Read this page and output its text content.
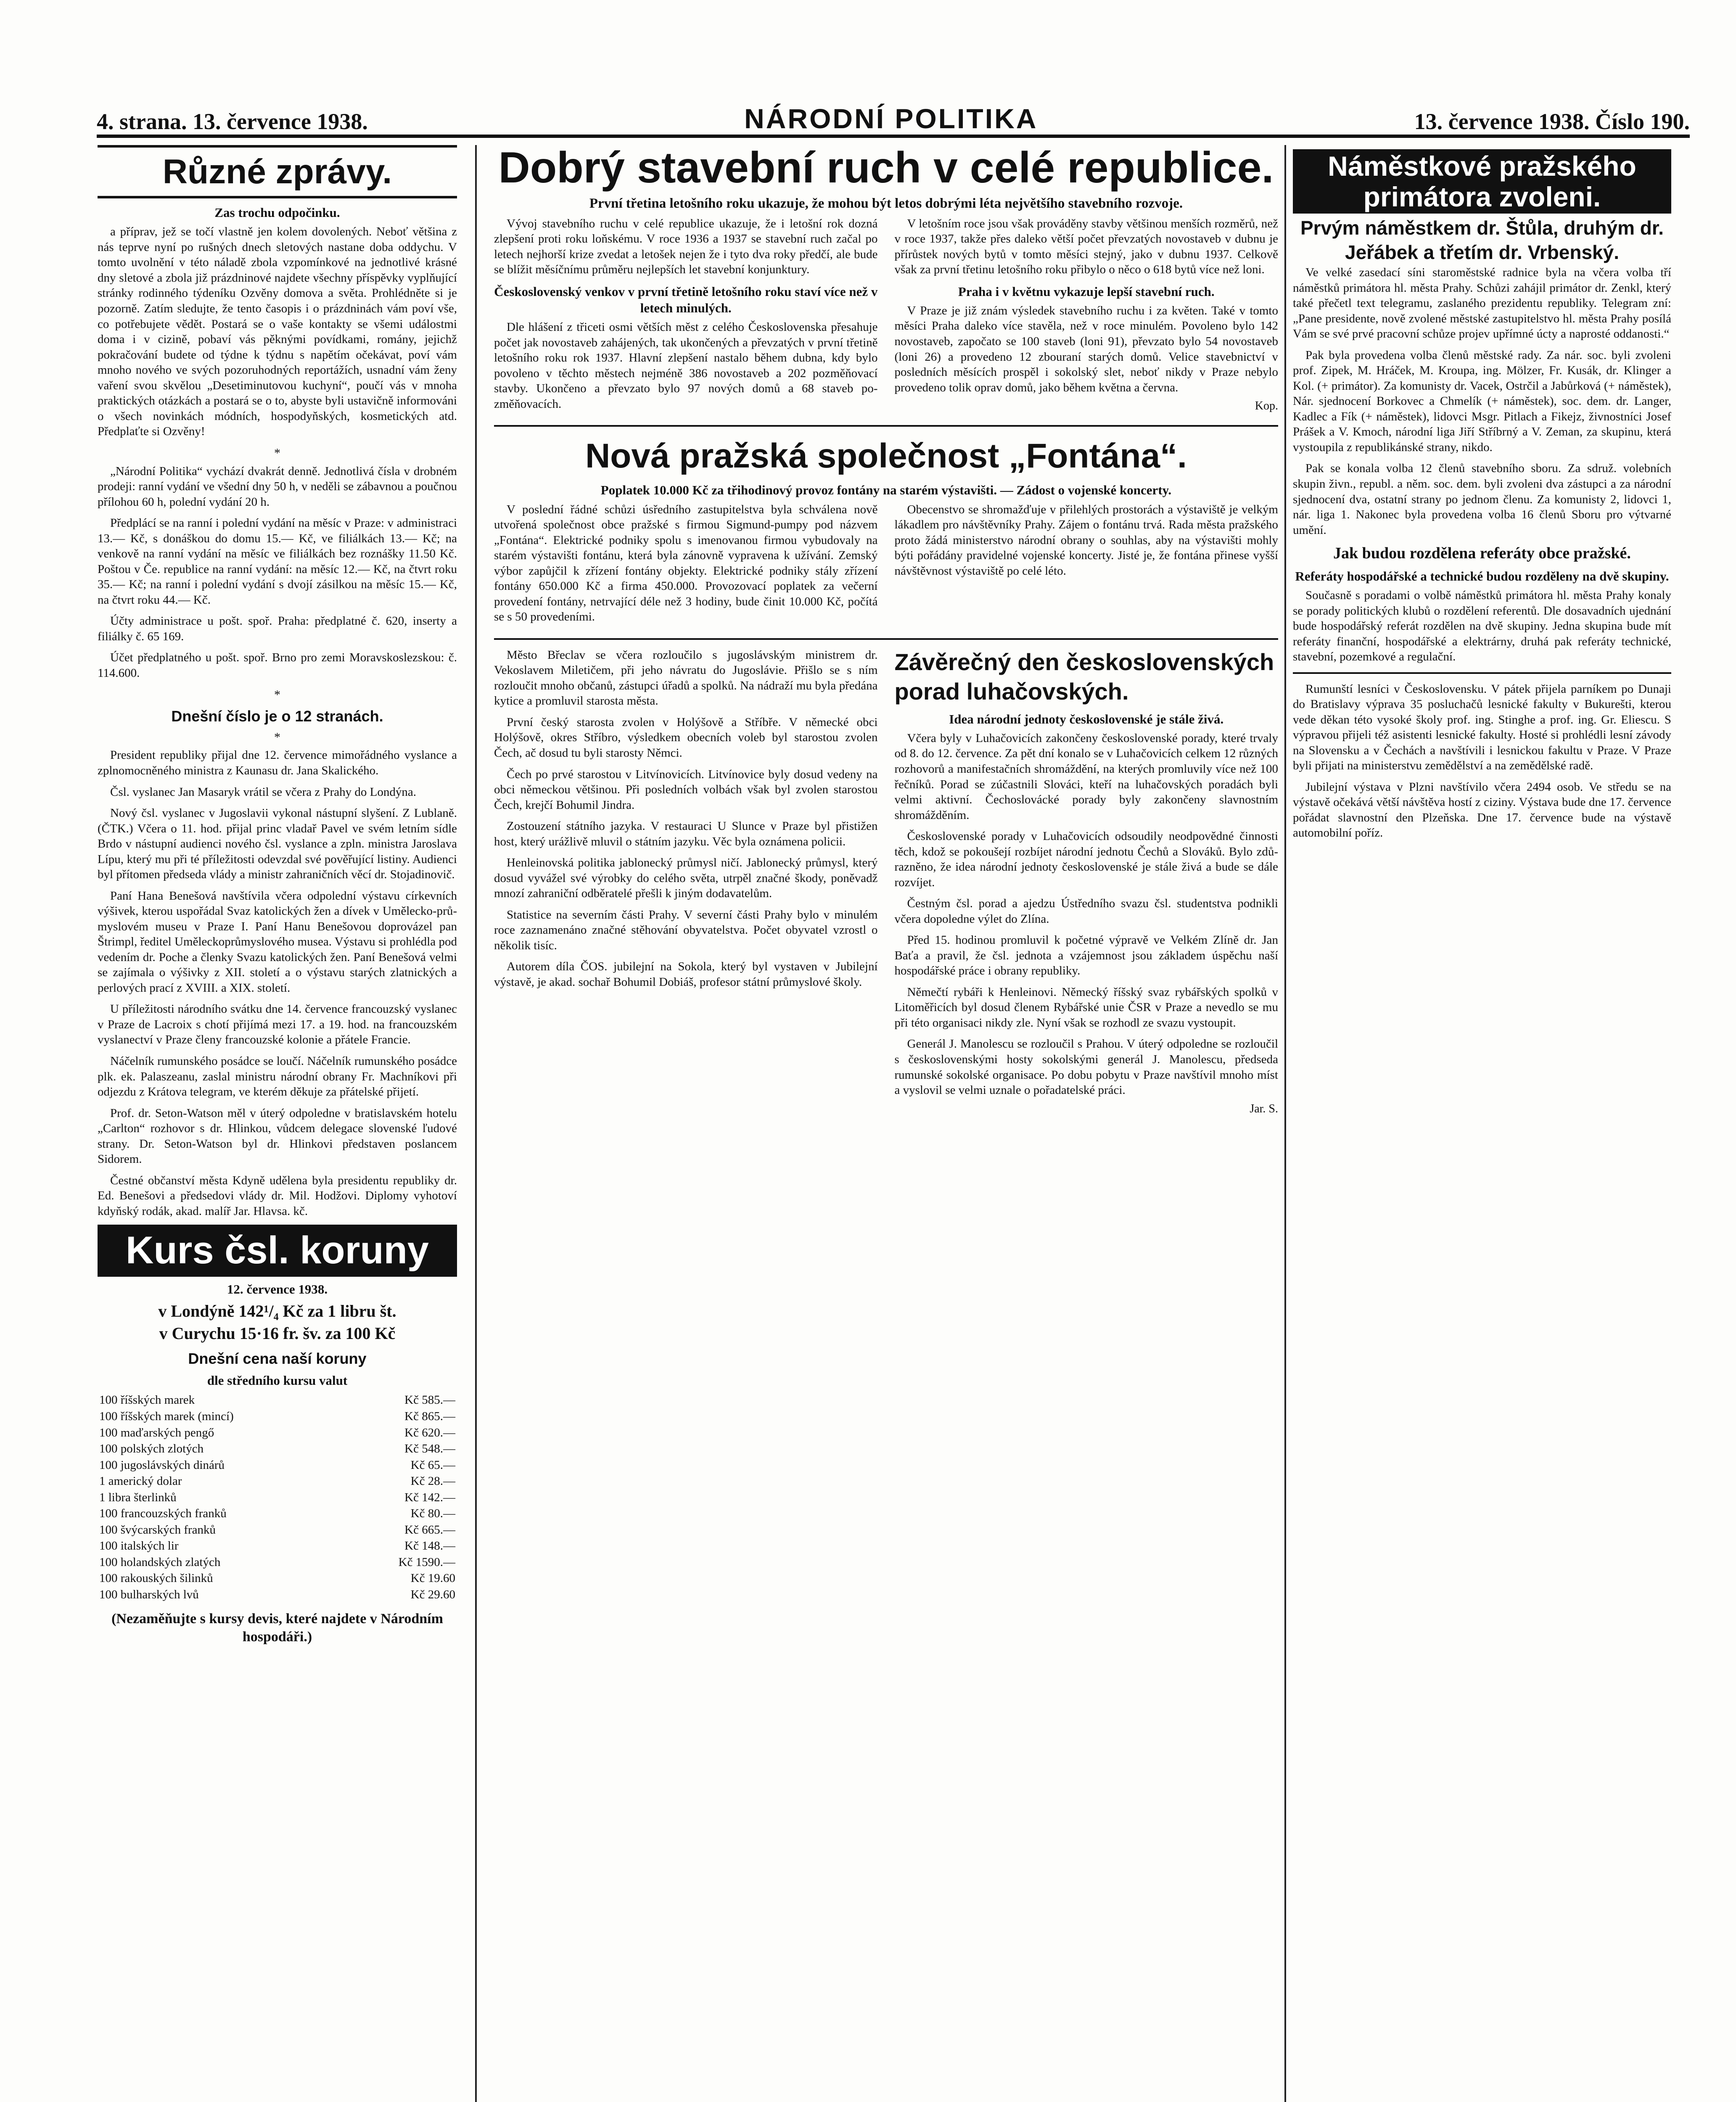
4. strana. 13. července 1938.	NÁRODNÍ POLITIKA	13. července 1938. Číslo 190.
Různé zprávy.
Zas trochu odpočinku.

a příprav, jež se točí vlastně jen kolem dovolených. Neboť většina z nás teprve nyní po rušných dnech sletových nastane doba oddychu. V tomto uvolnění v této náladě zbola vzpomínkové na jednotlivé krásné dny sletové a zbola již prázdninové najdete všechny příspěvky vyplňující stránky rodinného týdeníku Ozvěny domova a světa. Prohlédněte si je pozorně. Zatím sledujte, že tento časopis i o prázdninách vám poví vše, co potřebujete vědět. Postará se o vaše kontakty se všemi událostmi doma i v cizině, pobaví vás pěknými povídkami, romány, jejichž pokračování budete od týdne k týdnu s napětím očekávat, poví vám mnoho nového ve svých pozoruhodných reportážích, usnadní vám ženy vaření svou skvělou „Desetiminutovou kuchyní“, poučí vás v mnoha praktických otázkách a postará se o to, abyste byli ustavičně informováni o všech novinkách módních, hospodyňských, kosmetických atd. Předplaťte si Ozvěny!

*

„Národní Politika“ vychází dvakrát denně. Jednotlivá čísla v drobném prodeji: ranní vydání ve všední dny 50 h, v neděli se zábavnou a poučnou přílohou 60 h, polední vydání 20 h.

Předplácí se na ranní i polední vydání na měsíc v Praze: v administraci 13.— Kč, s donáškou do domu 15.— Kč, ve filiálkách 13.— Kč; na venkově na ranní vydání na měsíc ve filiálkách bez roznášky 11.50 Kč. Poštou v Če. republice na ranní vydání: na měsíc 12.— Kč, na čtvrt roku 35.— Kč; na ranní i polední vydání s dvojí zásilkou na měsíc 15.— Kč, na čtvrt roku 44.— Kč.

Účty administrace u pošt. spoř. Praha: předplatné č. 620, inserty a filiálky č. 65 169.

Účet předplatného u pošt. spoř. Brno pro zemi Moravskoslezskou: č. 114.600.

*
Dnešní číslo je o 12 stranách.
*

President republiky přijal dne 12. července mimořádného vyslance a zplnomocněného ministra z Kaunasu dr. Jana Skalického.

Čsl. vyslanec Jan Masaryk vrátil se včera z Prahy do Londýna.

Nový čsl. vyslanec v Jugoslavii vykonal nástupní slyšení. Z Lublaně. (ČTK.) Včera o 11. hod. přijal princ vladař Pavel ve svém letním sídle Brdo v nástupní audienci nového čsl. vyslance a zpln. ministra Jaroslava Lípu, který mu při té příležitosti odevzdal své pověřující listiny. Audienci byl přítomen předseda vlády a ministr zahraničních věcí dr. Stojadinovič.

Paní Hana Benešová navštívila včera odpolední výstavu církevních výšivek, kterou uspořádal Svaz katolických žen a dívek v Umělecko-průmyslovém museu v Praze I. Paní Hanu Benešovou doprovázel pan Štrimpl, ředitel Uměleckoprůmyslového musea. Výstavu si prohlédla pod vedením dr. Poche a členky Svazu katolických žen. Paní Benešová velmi se zajímala o výšivky z XII. století a o výstavu starých zlatnických a perlových prací z XVIII. a XIX. století.

U příležitosti národního svátku dne 14. července francouzský vyslanec v Praze de Lacroix s chotí přijímá mezi 17. a 19. hod. na francouzském vyslanectví v Praze členy francouzské kolonie a přátele Francie.

Náčelník rumunského posádce se loučí. Náčelník rumunského posádce plk. ek. Palaszeanu, zaslal ministru národní obrany Fr. Machníkovi při odjezdu z Krátova telegram, ve kterém děkuje za přátelské přijetí.

Prof. dr. Seton-Watson měl v úterý odpoledne v bratislavském hotelu „Carlton“ rozhovor s dr. Hlinkou, vůdcem delegace slovenské ľudové strany. Dr. Seton-Watson byl dr. Hlinkovi představen poslancem Sidorem.

Čestné občanství města Kdyně udělena byla presidentu republiky dr. Ed. Benešovi a předsedovi vlády dr. Mil. Hodžovi. Diplomy vyhotoví kdyňský rodák, akad. malíř Jar. Hlavsa. kč.

Kurs čsl. koruny
12. července 1938.
v Londýně 142¹/₄ Kč za 1 libru št.
v Curychu 15·16 fr. šv. za 100 Kč
Dnešní cena naší koruny
dle středního kursu valut
100 říšských marek	Kč 585.—
100 říšských marek (mincí)	Kč 865.—
100 maďarských pengő	Kč 620.—
100 polských zlotých	Kč 548.—
100 jugoslávských dinárů	Kč 65.—
1 americký dolar	Kč 28.—
1 libra šterlinků	Kč 142.—
100 francouzských franků	Kč 80.—
100 švýcarských franků	Kč 665.—
100 italských lir	Kč 148.—
100 holandských zlatých	Kč 1590.—
100 rakouských šilinků	Kč 19.60
100 bulharských lvů	Kč 29.60
(Nezaměňujte s kursy devis, které najdete v Národním hospodáři.)
Dobrý stavební ruch v celé republice.
První třetina letošního roku ukazuje, že mohou být letos dobrými léta největšího stavebního rozvoje.

Vývoj stavebního ruchu v celé republice ukazuje, že i letošní rok dozná zlepšení proti roku loňskému. V roce 1936 a 1937 se stavební ruch začal po letech nejhorší krize zvedat a letošek nejen že i tyto dva roky předčí, ale bude se blížit měsíčnímu průměru nejlepších let stavební konjunktury.

Československý venkov v první třetině letošního roku staví více než v letech minulých.

Dle hlášení z třiceti osmi větších měst z celého Československa přesahuje počet jak novostaveb zahájených, tak ukončených a převzatých v první třetině letošního roku rok 1937. Hlavní zlepšení nastalo během dubna, kdy bylo povoleno v těchto městech nejméně 386 novostaveb a 202 pozměňovací stavby. Ukončeno a převzato bylo 97 nových domů a 68 staveb pozměňovacích.

V letošním roce jsou však prováděny stavby většinou menších rozměrů, než v roce 1937, takže přes daleko větší počet převzatých novostaveb v dubnu je přírůstek nových bytů v tomto měsíci stejný, jako v dubnu 1937. Celkově však za první třetinu letošního roku přibylo o něco o 618 bytů více než loni.

Praha i v květnu vykazuje lepší stavební ruch.

V Praze je již znám výsledek stavebního ruchu i za květen. Také v tomto měsíci Praha daleko více stavěla, než v roce minulém. Povoleno bylo 142 novostaveb, započato se 100 staveb (loni 91), převzato bylo 54 novostaveb (loni 26) a provedeno 12 zbouraní starých domů. Velice stavebnictví v posledních měsících prospěl i sokolský slet, neboť nikdy v Praze nebylo provedeno tolik oprav domů, jako během května a června.

Kop.
Nová pražská společnost „Fontána“.
Poplatek 10.000 Kč za třihodinový provoz fontány na starém výstavišti. — Zádost o vojenské koncerty.

V poslední řádné schůzi úsředního zastupitelstva byla schválena nově utvořená společnost obce pražské s firmou Sigmund-pumpy pod názvem „Fontána“. Elektrické podniky spolu s imenovanou firmou vybudovaly na starém výstavišti fontánu, která byla zánovně vypravena k užívání. Zemský výbor zapůjčil k zřízení fontány objekty. Elektrické podniky stály zřízení fontány 650.000 Kč a firma 450.000. Provozovací poplatek za večerní provedení fontány, netrvající déle než 3 hodiny, bude činit 10.000 Kč, počítá se s 50 provedeními.

Obecenstvo se shromažďuje v přilehlých prostorách a výstaviště je velkým lákadlem pro návštěvníky Prahy. Zájem o fontánu trvá. Rada města pražského proto žádá ministerstvo národní obrany o souhlas, aby na výstavišti mohly býti pořádány pravidelné vojenské koncerty. Jisté je, že fontána přinese vyšší návštěvnost výstaviště po celé léto.

Město Břeclav se včera rozloučilo s jugoslávským ministrem dr. Vekoslavem Miletičem, při jeho návratu do Jugoslávie. Přišlo se s ním rozloučit mnoho občanů, zástupci úřadů a spolků. Na nádraží mu byla předána kytice a promluvil starosta města.

První český starosta zvolen v Holýšově a Stříbře. V německé obci Holýšově, okres Stříbro, výsledkem obecních voleb byl starostou zvolen Čech, ač dosud tu byli starosty Němci.

Čech po prvé starostou v Litvínovicích. Litvínovice byly dosud vedeny na obci německou většinou. Při posledních volbách však byl zvolen starostou Čech, krejčí Bohumil Jindra.

Zostouzení státního jazyka. V restauraci U Slunce v Praze byl přistižen host, který urážlivě mluvil o státním jazyku. Věc byla oznámena policii.

Henleinovská politika jablonecký průmysl ničí. Jablonecký průmysl, který dosud vyvážel své výrobky do celého světa, utrpěl značné škody, poněvadž mnozí zahraniční odběratelé přešli k jiným dodavatelům.

Statistice na severním části Prahy. V severní části Prahy bylo v minulém roce zaznamenáno značné stěhování obyvatelstva. Počet obyvatel vzrostl o několik tisíc.

Autorem díla ČOS. jubilejní na Sokola, který byl vystaven v Jubilejní výstavě, je akad. sochař Bohumil Dobiáš, profesor státní průmyslové školy.

Závěrečný den československých porad luhačovských.
Idea národní jednoty československé je stále živá.

Včera byly v Luhačovicích zakončeny československé porady, které trvaly od 8. do 12. července. Za pět dní konalo se v Luhačovicích celkem 12 různých rozhovorů a manifestačních shromáždění, na kterých promluvily více než 100 řečníků. Porad se zúčastnili Slováci, kteří na luhačovských poradách byli velmi aktivní. Čechoslovácké porady byly zakončeny slavnostním shromážděním.

Československé porady v Luhačovicích odsoudily neodpovědné činnosti těch, kdož se pokoušejí rozbíjet národní jednotu Čechů a Slováků. Bylo zdůrazněno, že idea národní jednoty československé je stále živá a bude se dále rozvíjet.

Čestným čsl. porad a ajedzu Ústředního svazu čsl. studentstva podnikli včera dopoledne výlet do Zlína.

Před 15. hodinou promluvil k početné výpravě ve Velkém Zlíně dr. Jan Baťa a pravil, že čsl. jednota a vzájemnost jsou základem úspěchu naší hospodářské práce i obrany republiky.

Němečtí rybáři k Henleinovi. Německý říšský svaz rybářských spolků v Litoměřicích byl dosud členem Rybářské unie ČSR v Praze a nevedlo se mu při této organisaci nikdy zle. Nyní však se rozhodl ze svazu vystoupit.

Generál J. Manolescu se rozloučil s Prahou. V úterý odpoledne se rozloučil s československými hosty sokolskými generál J. Manolescu, předseda rumunské sokolské organisace. Po dobu pobytu v Praze navštívil mnoho míst a vyslovil se velmi uznale o pořadatelské práci.

Jar. S.
Náměstkové pražského primátora zvoleni.
Prvým náměstkem dr. Štůla, druhým dr. Jeřábek a třetím dr. Vrbenský.

Ve velké zasedací síni staroměstské radnice byla na včera volba tří náměstků primátora hl. města Prahy. Schůzi zahájil primátor dr. Zenkl, který také přečetl text telegramu, zaslaného prezidentu republiky. Telegram zní: „Pane presidente, nově zvolené městské zastupitelstvo hl. města Prahy posílá Vám se své prvé pracovní schůze projev upřímné úcty a naprosté oddanosti.“

Pak byla provedena volba členů městské rady. Za nár. soc. byli zvoleni prof. Zipek, M. Hráček, M. Kroupa, ing. Mölzer, Fr. Kusák, dr. Klinger a Kol. (+ primátor). Za komunisty dr. Vacek, Ostrčil a Jabůrková (+ náměstek), Nár. sjednocení Borkovec a Chmelík (+ náměstek), soc. dem. dr. Langer, Kadlec a Fík (+ náměstek), lidovci Msgr. Pitlach a Fikejz, živnostníci Josef Prášek a V. Kmoch, národní liga Jiří Stříbrný a V. Zeman, za skupinu, která vystoupila z republikánské strany, nikdo.

Pak se konala volba 12 členů stavebního sboru. Za sdruž. volebních skupin živn., republ. a něm. soc. dem. byli zvoleni dva zástupci a za národní sjednocení dva, ostatní strany po jednom členu. Za komunisty 2, lidovci 1, nár. liga 1. Nakonec byla provedena volba 16 členů Sboru pro výtvarné umění.

Jak budou rozdělena referáty obce pražské.
Referáty hospodářské a technické budou rozděleny na dvě skupiny.

Současně s poradami o volbě náměstků primátora hl. města Prahy konaly se porady politických klubů o rozdělení referentů. Dle dosavadních ujednání bude hospodářský referát rozdělen na dvě skupiny. Jedna skupina bude mít referáty finanční, hospodářské a elektrárny, druhá pak referáty technické, stavební, pozemkové a regulační.

Rumunští lesníci v Československu. V pátek přijela parníkem po Dunaji do Bratislavy výprava 35 posluchačů lesnické fakulty v Bukurešti, kterou vede děkan této vysoké školy prof. ing. Stinghe a prof. ing. Gr. Eliescu. S výpravou přijeli též asistenti lesnické fakulty. Hosté si prohlédli lesní závody na Slovensku a v Čechách a navštívili i lesnickou fakultu v Praze. V Praze byli přijati na ministerstvu zemědělství a na zemědělské radě.

Jubilejní výstava v Plzni navštívilo včera 2494 osob. Ve středu se na výstavě očekává větší návštěva hostí z ciziny. Výstava bude dne 17. července pořádat slavnostní den Plzeňska. Dne 17. července bude na výstavě automobilní poříz.
